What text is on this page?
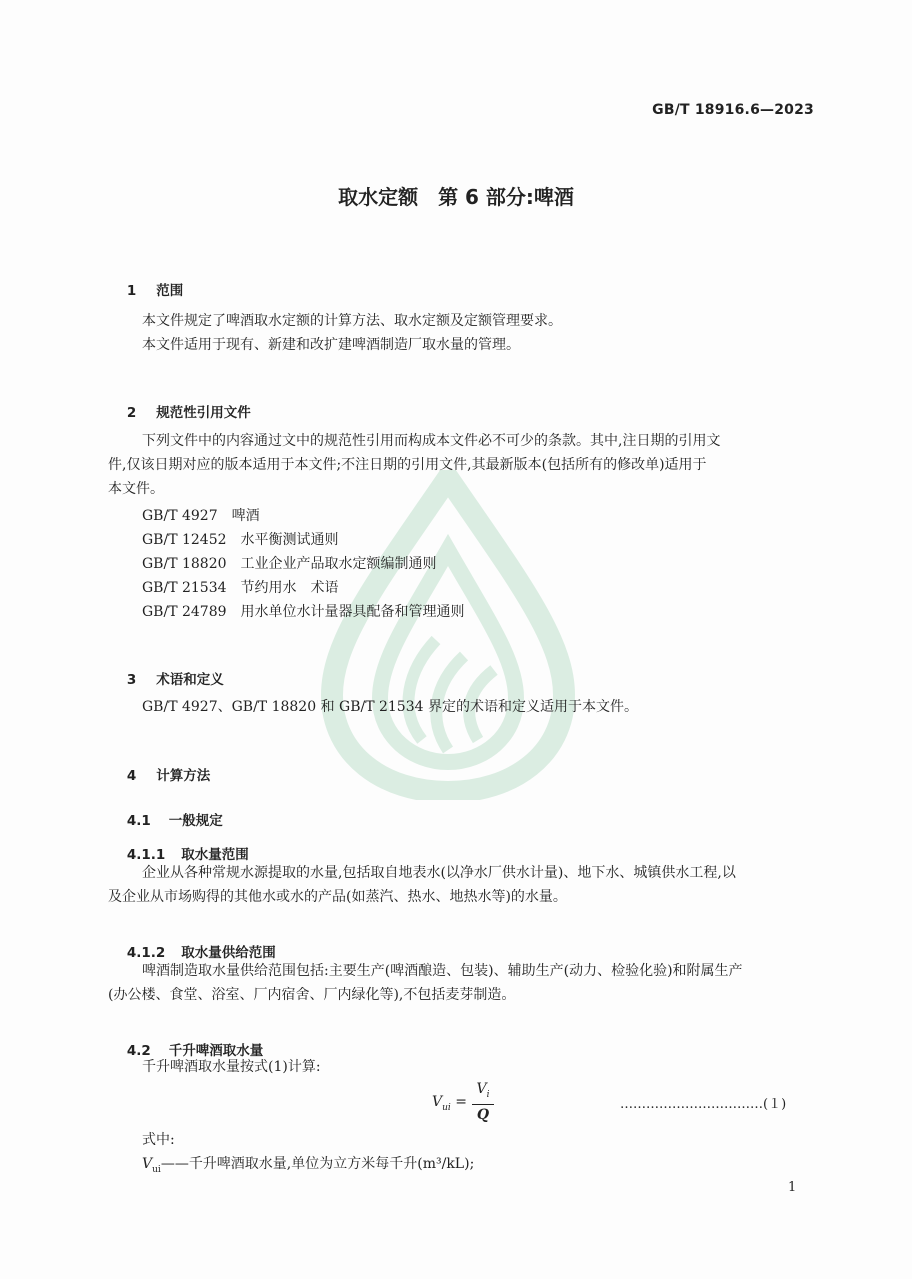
GB/T 18916.6—2023
取水定额　第 6 部分:啤酒

1 范围

本文件规定了啤酒取水定额的计算方法、取水定额及定额管理要求。
本文件适用于现有、新建和改扩建啤酒制造厂取水量的管理。

2 规范性引用文件

下列文件中的内容通过文中的规范性引用而构成本文件必不可少的条款。其中,注日期的引用文
件,仅该日期对应的版本适用于本文件;不注日期的引用文件,其最新版本(包括所有的修改单)适用于
本文件。
GB/T 4927　 啤酒
GB/T 12452　 水平衡测试通则
GB/T 18820　 工业企业产品取水定额编制通则
GB/T 21534　 节约用水　术语
GB/T 24789　 用水单位水计量器具配备和管理通则

3 术语和定义

GB/T 4927、GB/T 18820 和 GB/T 21534 界定的术语和定义适用于本文件。

4 计算方法

4.1 一般规定

4.1.1 取水量范围

企业从各种常规水源提取的水量,包括取自地表水(以净水厂供水计量)、地下水、城镇供水工程,以
及企业从市场购得的其他水或水的产品(如蒸汽、热水、地热水等)的水量。

4.1.2 取水量供给范围

啤酒制造取水量供给范围包括:主要生产(啤酒酿造、包装)、辅助生产(动力、检验化验)和附属生产
(办公楼、食堂、浴室、厂内宿舍、厂内绿化等),不包括麦芽制造。

4.2 千升啤酒取水量

千升啤酒取水量按式(1)计算:
$V_{ui} = \frac{V_i}{Q}$	……………………………(１)
式中:
$V_{ui}——$千升啤酒取水量,单位为立方米每千升(m³/kL);
1
